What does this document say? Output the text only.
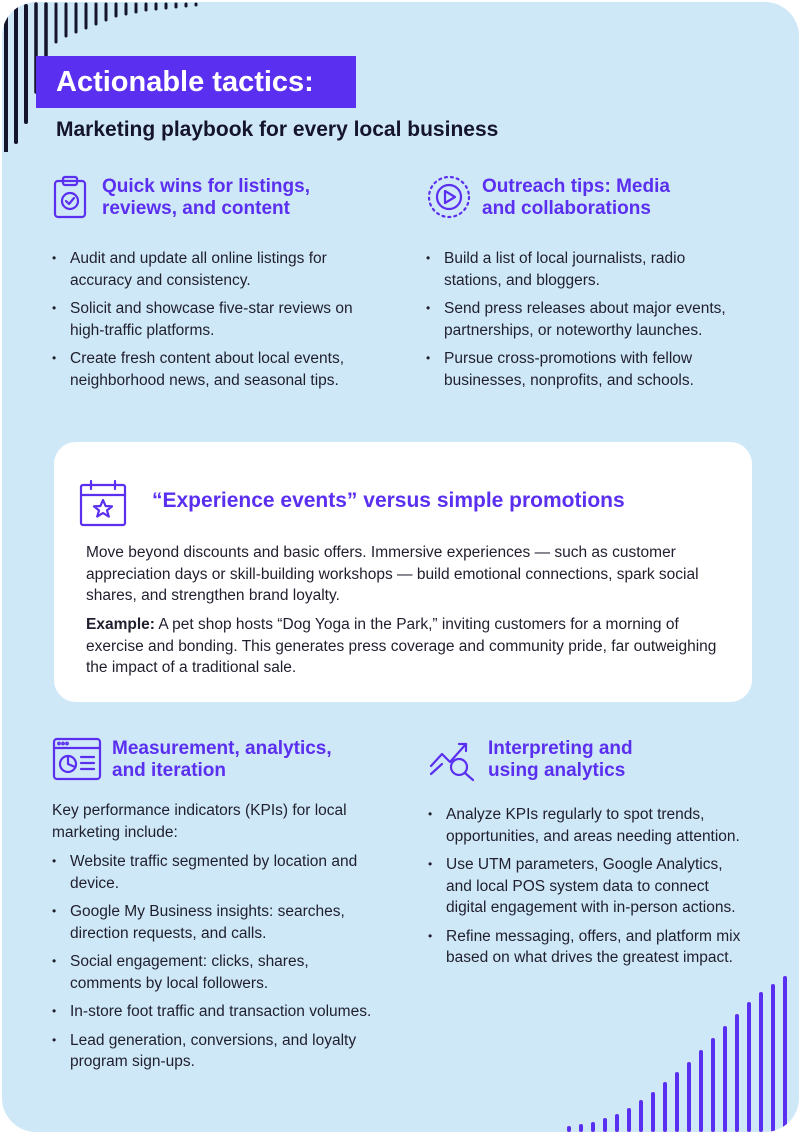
Actionable tactics:
Marketing playbook for every local business
Quick wins for listings,
reviews, and content
• Audit and update all online listings for accuracy and consistency.
• Solicit and showcase five-star reviews on high-traffic platforms.
• Create fresh content about local events, neighborhood news, and seasonal tips.
Outreach tips: Media
and collaborations
• Build a list of local journalists, radio stations, and bloggers.
• Send press releases about major events, partnerships, or noteworthy launches.
• Pursue cross-promotions with fellow businesses, nonprofits, and schools.
“Experience events” versus simple promotions

Move beyond discounts and basic offers. Immersive experiences — such as customer appreciation days or skill-building workshops — build emotional connections, spark social shares, and strengthen brand loyalty.

Example: A pet shop hosts “Dog Yoga in the Park,” inviting customers for a morning of exercise and bonding. This generates press coverage and community pride, far outweighing the impact of a traditional sale.

Measurement, analytics,
and iteration
Key performance indicators (KPIs) for local marketing include:
• Website traffic segmented by location and device.
• Google My Business insights: searches, direction requests, and calls.
• Social engagement: clicks, shares, comments by local followers.
• In-store foot traffic and transaction volumes.
• Lead generation, conversions, and loyalty program sign-ups.
Interpreting and
using analytics
• Analyze KPIs regularly to spot trends, opportunities, and areas needing attention.
• Use UTM parameters, Google Analytics, and local POS system data to connect digital engagement with in-person actions.
• Refine messaging, offers, and platform mix based on what drives the greatest impact.
